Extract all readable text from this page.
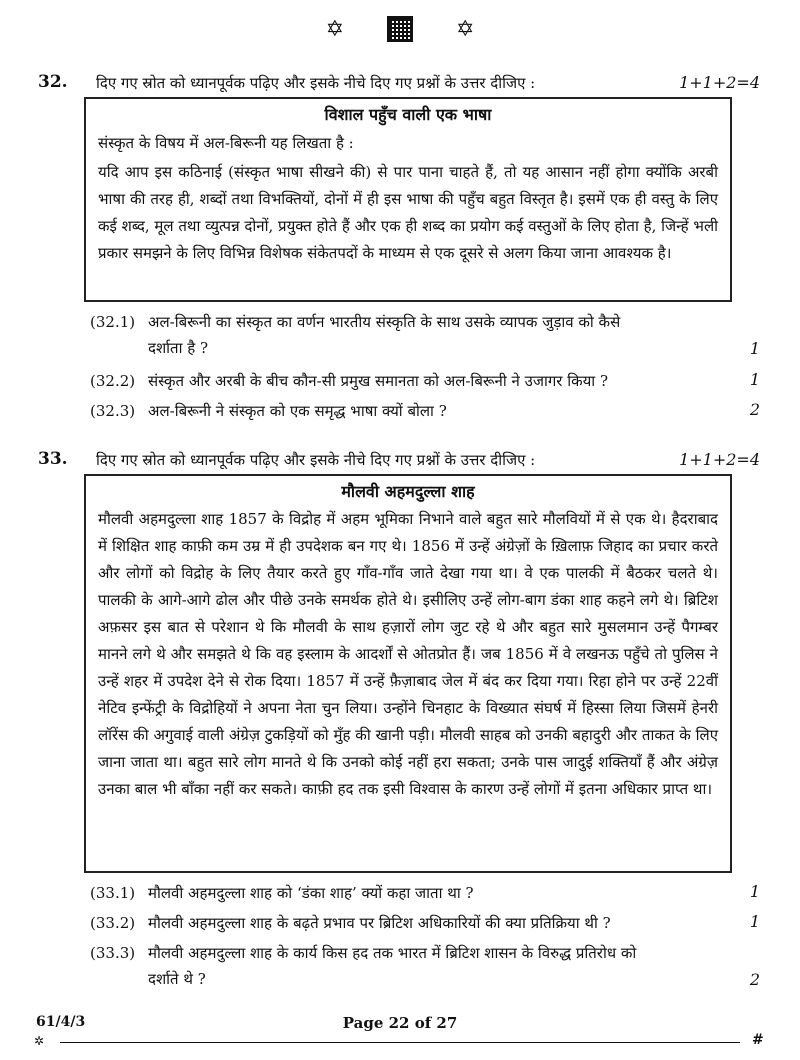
✡	✡
32. दिए गए स्रोत को ध्यानपूर्वक पढ़िए और इसके नीचे दिए गए प्रश्नों के उत्तर दीजिए :	1+1+2=4
विशाल पहुँच वाली एक भाषा

संस्कृत के विषय में अल-बिरूनी यह लिखता है :

यदि आप इस कठिनाई (संस्कृत भाषा सीखने की) से पार पाना चाहते हैं, तो यह आसान नहीं होगा क्योंकि अरबी भाषा की तरह ही, शब्दों तथा विभक्तियों, दोनों में ही इस भाषा की पहुँच बहुत विस्तृत है। इसमें एक ही वस्तु के लिए कई शब्द, मूल तथा व्युत्पन्न दोनों, प्रयुक्त होते हैं और एक ही शब्द का प्रयोग कई वस्तुओं के लिए होता है, जिन्हें भली प्रकार समझने के लिए विभिन्न विशेषक संकेतपदों के माध्यम से एक दूसरे से अलग किया जाना आवश्यक है।

(32.1) अल-बिरूनी का संस्कृत का वर्णन भारतीय संस्कृति के साथ उसके व्यापक जुड़ाव को कैसे
दर्शाता है ?	1
(32.2) संस्कृत और अरबी के बीच कौन-सी प्रमुख समानता को अल-बिरूनी ने उजागर किया ?	1
(32.3) अल-बिरूनी ने संस्कृत को एक समृद्ध भाषा क्यों बोला ?	2
33. दिए गए स्रोत को ध्यानपूर्वक पढ़िए और इसके नीचे दिए गए प्रश्नों के उत्तर दीजिए :	1+1+2=4
मौलवी अहमदुल्ला शाह

मौलवी अहमदुल्ला शाह 1857 के विद्रोह में अहम भूमिका निभाने वाले बहुत सारे मौलवियों में से एक थे। हैदराबाद में शिक्षित शाह काफ़ी कम उम्र में ही उपदेशक बन गए थे। 1856 में उन्हें अंग्रेज़ों के ख़िलाफ़ जिहाद का प्रचार करते और लोगों को विद्रोह के लिए तैयार करते हुए गाँव-गाँव जाते देखा गया था। वे एक पालकी में बैठकर चलते थे। पालकी के आगे-आगे ढोल और पीछे उनके समर्थक होते थे। इसीलिए उन्हें लोग-बाग डंका शाह कहने लगे थे। ब्रिटिश अफ़सर इस बात से परेशान थे कि मौलवी के साथ हज़ारों लोग जुट रहे थे और बहुत सारे मुसलमान उन्हें पैगम्बर मानने लगे थे और समझते थे कि वह इस्लाम के आदर्शों से ओतप्रोत हैं। जब 1856 में वे लखनऊ पहुँचे तो पुलिस ने उन्हें शहर में उपदेश देने से रोक दिया। 1857 में उन्हें फ़ैज़ाबाद जेल में बंद कर दिया गया। रिहा होने पर उन्हें 22वीं नेटिव इन्फेंट्री के विद्रोहियों ने अपना नेता चुन लिया। उन्होंने चिनहाट के विख्यात संघर्ष में हिस्सा लिया जिसमें हेनरी लॉरेंस की अगुवाई वाली अंग्रेज़ टुकड़ियों को मुँह की खानी पड़ी। मौलवी साहब को उनकी बहादुरी और ताकत के लिए जाना जाता था। बहुत सारे लोग मानते थे कि उनको कोई नहीं हरा सकता; उनके पास जादुई शक्तियाँ हैं और अंग्रेज़ उनका बाल भी बाँका नहीं कर सकते। काफ़ी हद तक इसी विश्वास के कारण उन्हें लोगों में इतना अधिकार प्राप्त था।

(33.1) मौलवी अहमदुल्ला शाह को ‘डंका शाह’ क्यों कहा जाता था ?	1
(33.2) मौलवी अहमदुल्ला शाह के बढ़ते प्रभाव पर ब्रिटिश अधिकारियों की क्या प्रतिक्रिया थी ?	1
(33.3) मौलवी अहमदुल्ला शाह के कार्य किस हद तक भारत में ब्रिटिश शासन के विरुद्ध प्रतिरोध को
दर्शाते थे ?	2
61/4/3	Page 22 of 27
✲	#
